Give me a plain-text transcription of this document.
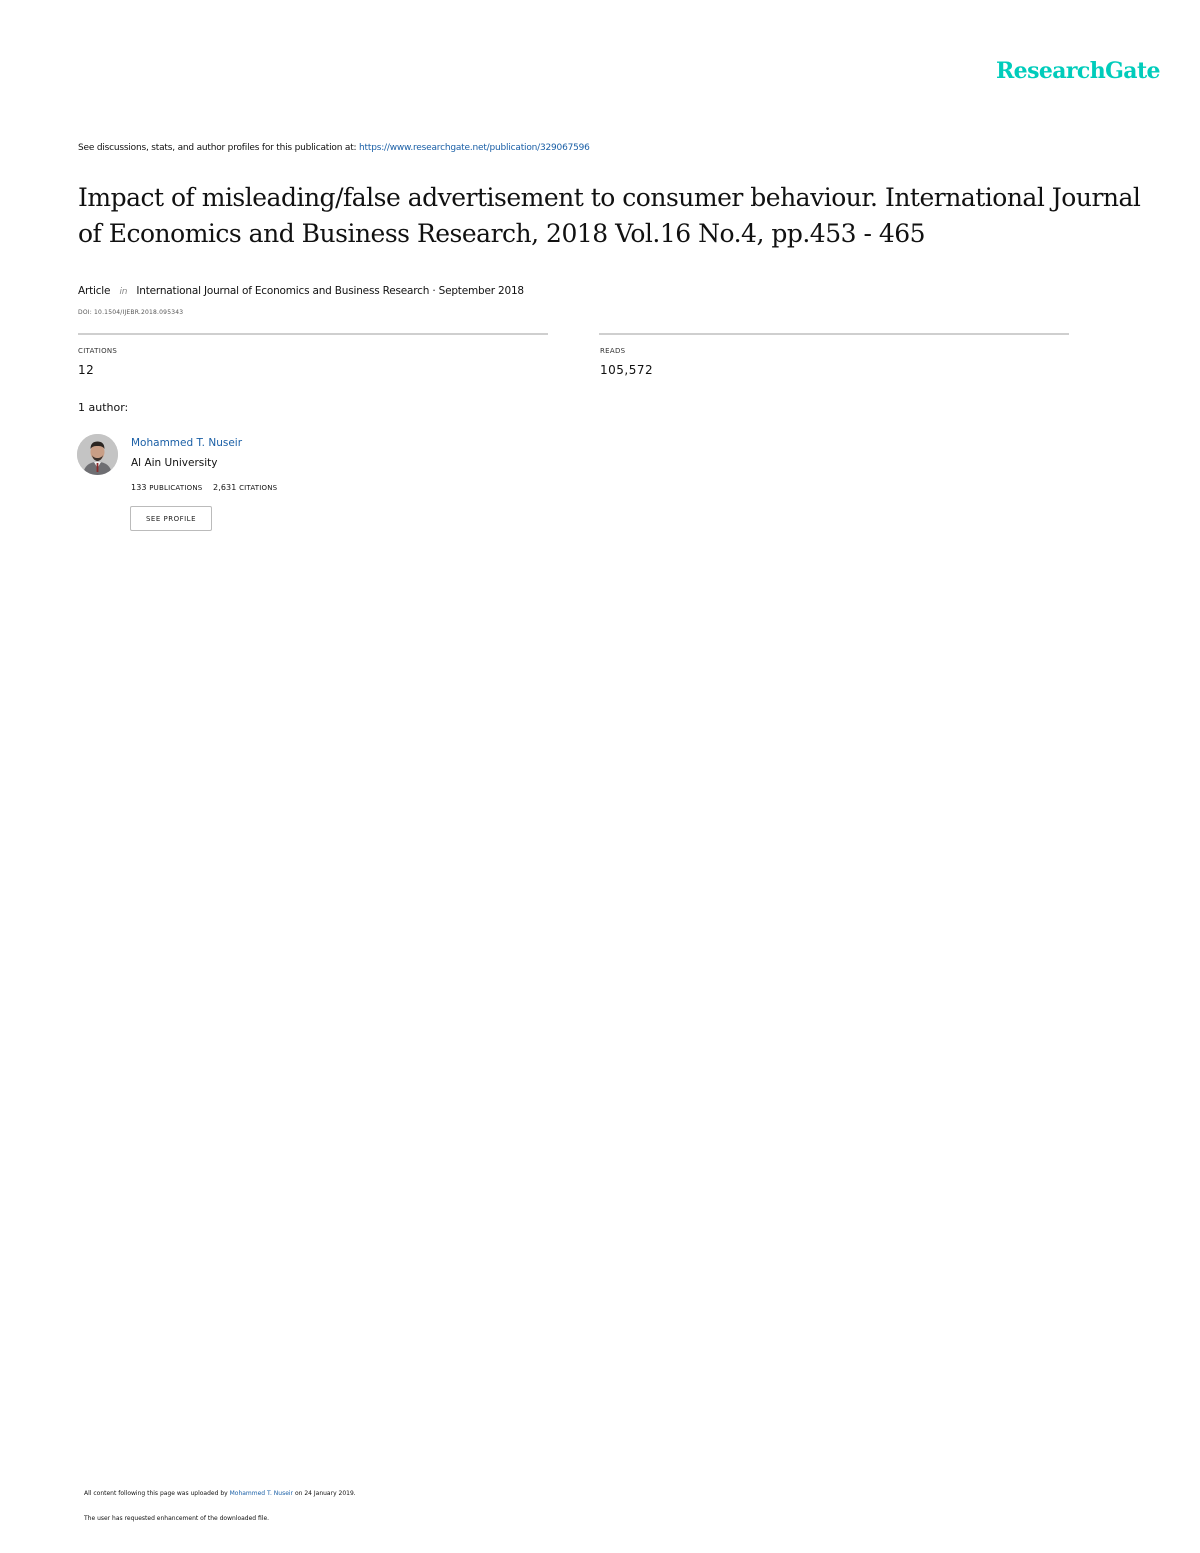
ResearchGate
See discussions, stats, and author profiles for this publication at: https://www.researchgate.net/publication/329067596
Impact of misleading/false advertisement to consumer behaviour. International Journal of Economics and Business Research, 2018 Vol.16 No.4, pp.453 - 465
Article in International Journal of Economics and Business Research · September 2018
DOI: 10.1504/IJEBR.2018.095343
CITATIONS
12
READS
105,572
1 author:
Mohammed T. Nuseir
Al Ain University
133 PUBLICATIONS 2,631 CITATIONS
SEE PROFILE
All content following this page was uploaded by Mohammed T. Nuseir on 24 January 2019.
The user has requested enhancement of the downloaded file.
